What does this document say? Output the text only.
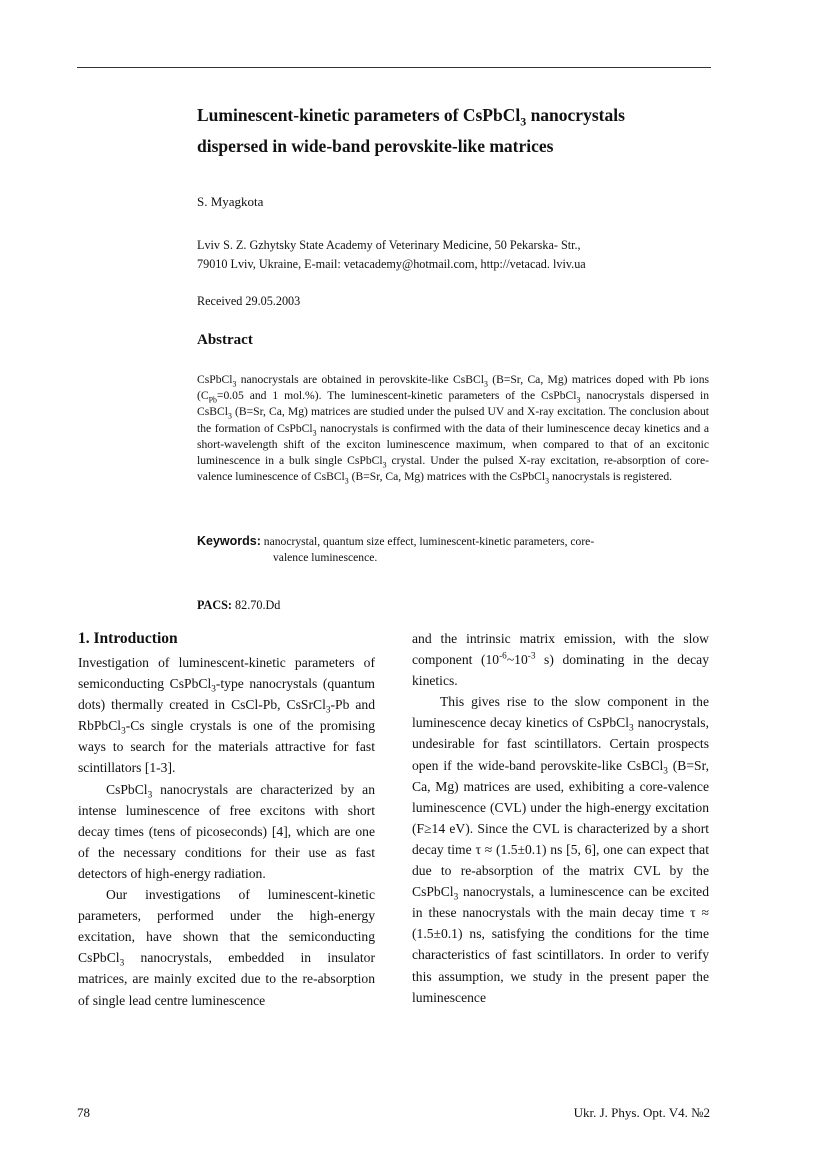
Luminescent-kinetic parameters of CsPbCl$_3$ nanocrystals
dispersed in wide-band perovskite-like matrices
S. Myagkota
Lviv S. Z. Gzhytsky State Academy of Veterinary Medicine, 50 Pekarska- Str.,
79010 Lviv, Ukraine, E-mail: vetacademy@hotmail.com, http://vetacad. lviv.ua
Received 29.05.2003
Abstract
CsPbCl$_3$ nanocrystals are obtained in perovskite-like CsBCl$_3$ (B=Sr, Ca, Mg) matrices doped with Pb ions ($C_{Pb}=0.05$ and 1 mol.%). The luminescent-kinetic parameters of the CsPbCl$_3$ nanocrystals dispersed in CsBCl$_3$ (B=Sr, Ca, Mg) matrices are studied under the pulsed UV and X-ray excitation. The conclusion about the formation of CsPbCl$_3$ nanocrystals is confirmed with the data of their luminescence decay kinetics and a short-wavelength shift of the exciton luminescence maximum, when compared to that of an excitonic luminescence in a bulk single CsPbCl$_3$ crystal. Under the pulsed X-ray excitation, re-absorption of core-valence luminescence of CsBCl$_3$ (B=Sr, Ca, Mg) matrices with the CsPbCl$_3$ nanocrystals is registered.
Keywords: nanocrystal, quantum size effect, luminescent-kinetic parameters, core-

valence luminescence.
PACS: 82.70.Dd
1. Introduction

Investigation of luminescent-kinetic parameters of semiconducting CsPbCl$_3$-type nanocrystals (quantum dots) thermally created in CsCl-Pb, CsSrCl$_3$-Pb and RbPbCl$_3$-Cs single crystals is one of the promising ways to search for the materials attractive for fast scintillators [1-3].

CsPbCl$_3$ nanocrystals are characterized by an intense luminescence of free excitons with short decay times (tens of picoseconds) [4], which are one of the necessary conditions for their use as fast detectors of high-energy radiation.

Our investigations of luminescent-kinetic parameters, performed under the high-energy excitation, have shown that the semiconducting CsPbCl$_3$ nanocrystals, embedded in insulator matrices, are mainly excited due to the re-absorption of single lead centre luminescence

and the intrinsic matrix emission, with the slow component ($10^{-6}\sim 10^{-3}$ s) dominating in the decay kinetics.

This gives rise to the slow component in the luminescence decay kinetics of CsPbCl$_3$ nanocrystals, undesirable for fast scintillators. Certain prospects open if the wide-band perovskite-like CsBCl$_3$ (B=Sr, Ca, Mg) matrices are used, exhibiting a core-valence luminescence (CVL) under the high-energy excitation (F≥14 eV). Since the CVL is characterized by a short decay time τ ≈ (1.5±0.1) ns [5, 6], one can expect that due to re-absorption of the matrix CVL by the CsPbCl$_3$ nanocrystals, a luminescence can be excited in these nanocrystals with the main decay time τ ≈ (1.5±0.1) ns, satisfying the conditions for the time characteristics of fast scintillators. In order to verify this assumption, we study in the present paper the luminescence

78	Ukr. J. Phys. Opt. V4. №2
